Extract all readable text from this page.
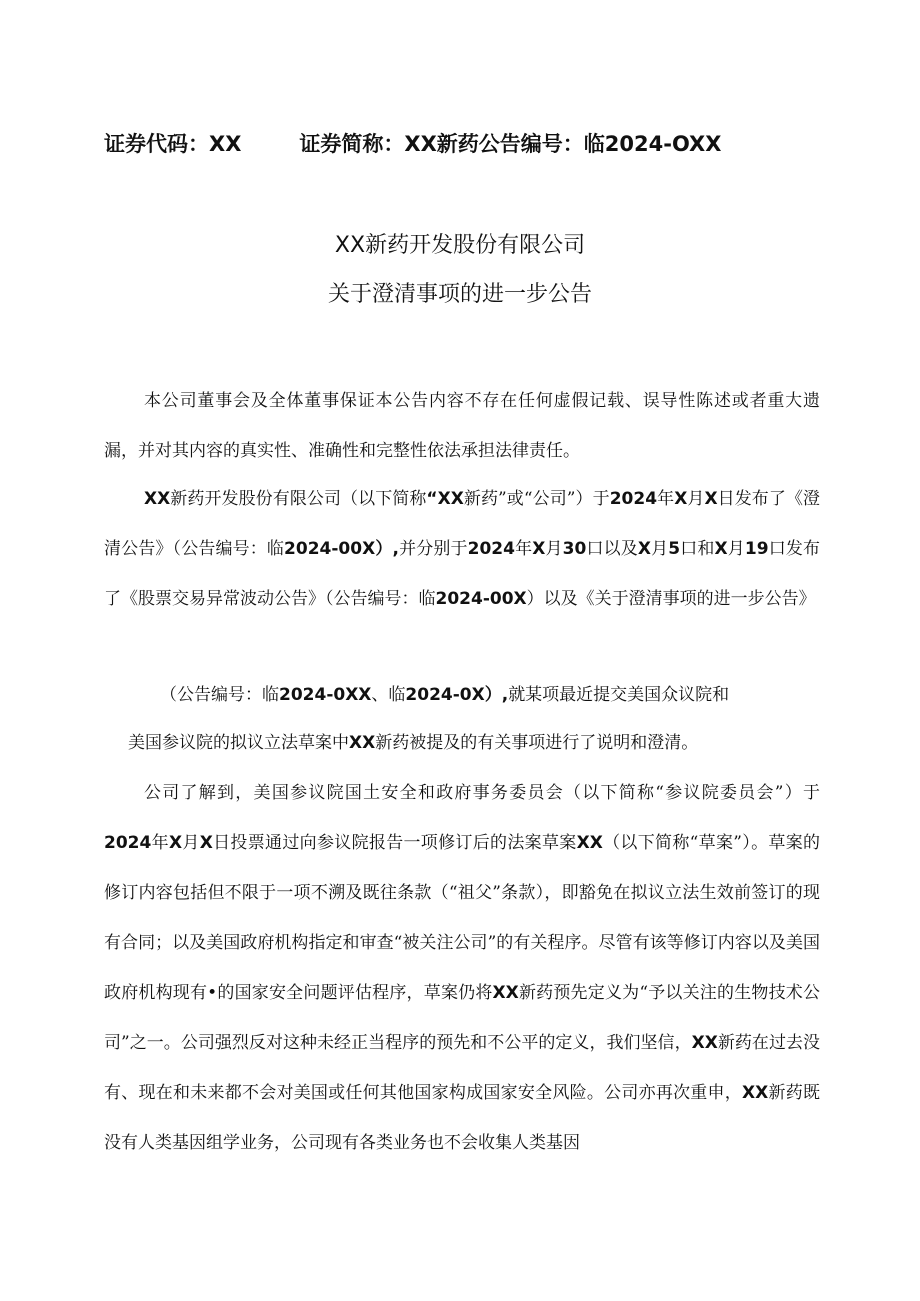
证券代码：XX	证券简称：XX新药公告编号：临2024-OXX
XX新药开发股份有限公司
关于澄清事项的进一步公告

本公司董事会及全体董事保证本公告内容不存在任何虚假记载、误导性陈述或者重大遗漏，并对其内容的真实性、准确性和完整性依法承担法律责任。

XX新药开发股份有限公司（以下简称“XX新药”或“公司”）于2024年X月X日发布了《澄清公告》（公告编号：临2024-00X）,并分别于2024年X月30口以及X月5口和X月19口发布了《股票交易异常波动公告》（公告编号：临2024-00X）以及《关于澄清事项的进一步公告》

（公告编号：临2024-0XX、临2024-0X）,就某项最近提交美国众议院和

美国参议院的拟议立法草案中XX新药被提及的有关事项进行了说明和澄清。

公司了解到，美国参议院国土安全和政府事务委员会（以下简称“参议院委员会”）于2024年X月X日投票通过向参议院报告一项修订后的法案草案XX（以下简称“草案”）。草案的修订内容包括但不限于一项不溯及既往条款（“祖父”条款），即豁免在拟议立法生效前签订的现有合同；以及美国政府机构指定和审查“被关注公司”的有关程序。尽管有该等修订内容以及美国政府机构现有•的国家安全问题评估程序，草案仍将XX新药预先定义为“予以关注的生物技术公司”之一。公司强烈反对这种未经正当程序的预先和不公平的定义，我们坚信，XX新药在过去没有、现在和未来都不会对美国或任何其他国家构成国家安全风险。公司亦再次重申，XX新药既没有人类基因组学业务，公司现有各类业务也不会收集人类基因
